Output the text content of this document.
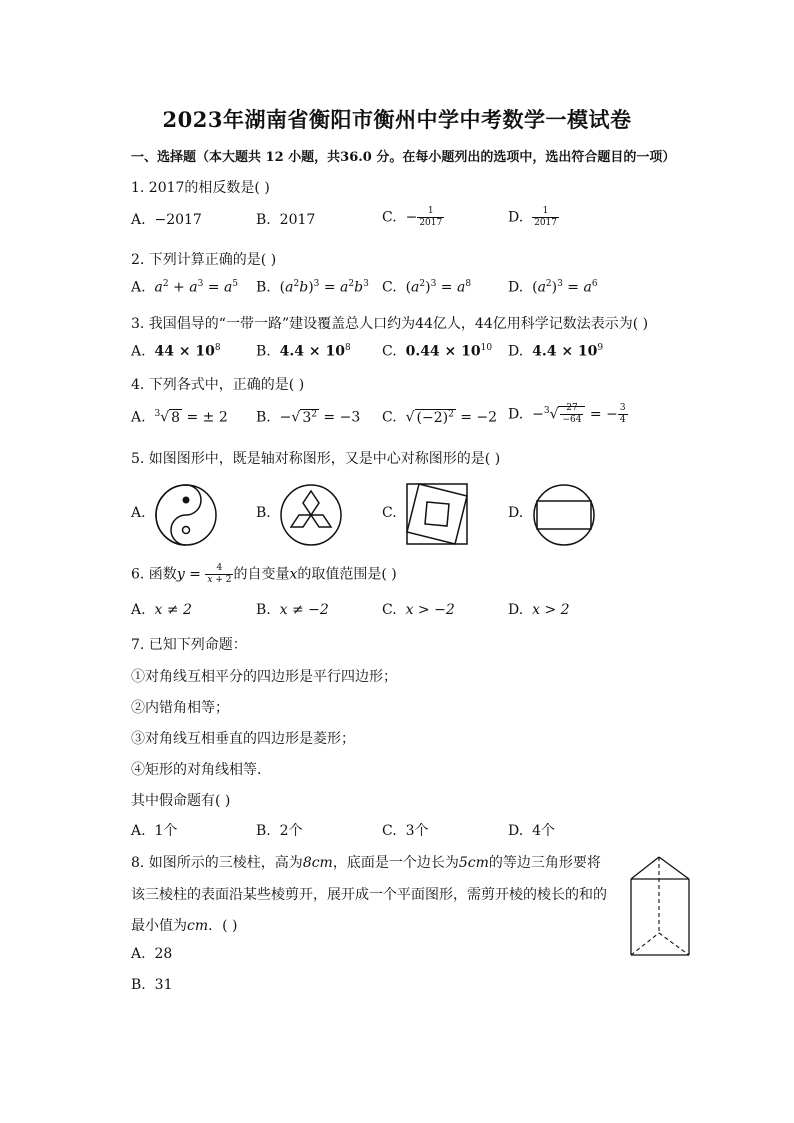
2023年湖南省衡阳市衡州中学中考数学一模试卷
一、选择题（本大题共 12 小题，共36.0 分。在每小题列出的选项中，选出符合题目的一项）
1. 2017的相反数是( )
A. −2017	B. 2017	C. − $\frac{1}{2017}$	D. $\frac{1}{2017}$
2. 下列计算正确的是( )
A. $a^2 + a^3 = a^5$ B.  $(a^2b)^3 = a^2b^3$ C.  $(a^2)^3 = a^8$	D.  $(a^2)^3 = a^6$
3. 我国倡导的“一带一路”建设覆盖总人口约为44亿人，44亿用科学记数法表示为( )
A. $44 \times 10^8$	B. $4.4 \times 10^8$ C. $0.44 \times 10^{10}$ D. $4.4 \times 10^9$
4. 下列各式中，正确的是( )
A. $^3$√ 8 = ± 2 B.  −√ $3^2 = -3$ C.  √ $(-2)^2 = -2$ D.  $-^3√ \frac{27}{-64}$ = − $\frac{3}{4}$
5. 如图图形中，既是轴对称图形，又是中心对称图形的是( )
A.	B.	C.	D.
6. 函数$y = \frac{4}{x + 2}$ 的自变量x的取值范围是( )
A. x ≠ 2	B. x ≠ −2	C. x > −2	D. x > 2
7. 已知下列命题：
①对角线互相平分的四边形是平行四边形；
②内错角相等；
③对角线互相垂直的四边形是菱形；
④矩形的对角线相等．
其中假命题有( )
A. 1个	B. 2个	C. 3个	D. 4个
8. 如图所示的三棱柱，高为8cm，底面是一个边长为5cm的等边三角形要将
该三棱柱的表面沿某些棱剪开，展开成一个平面图形，需剪开棱的棱长的和的
最小值为cm．( )
A. 28
B. 31
